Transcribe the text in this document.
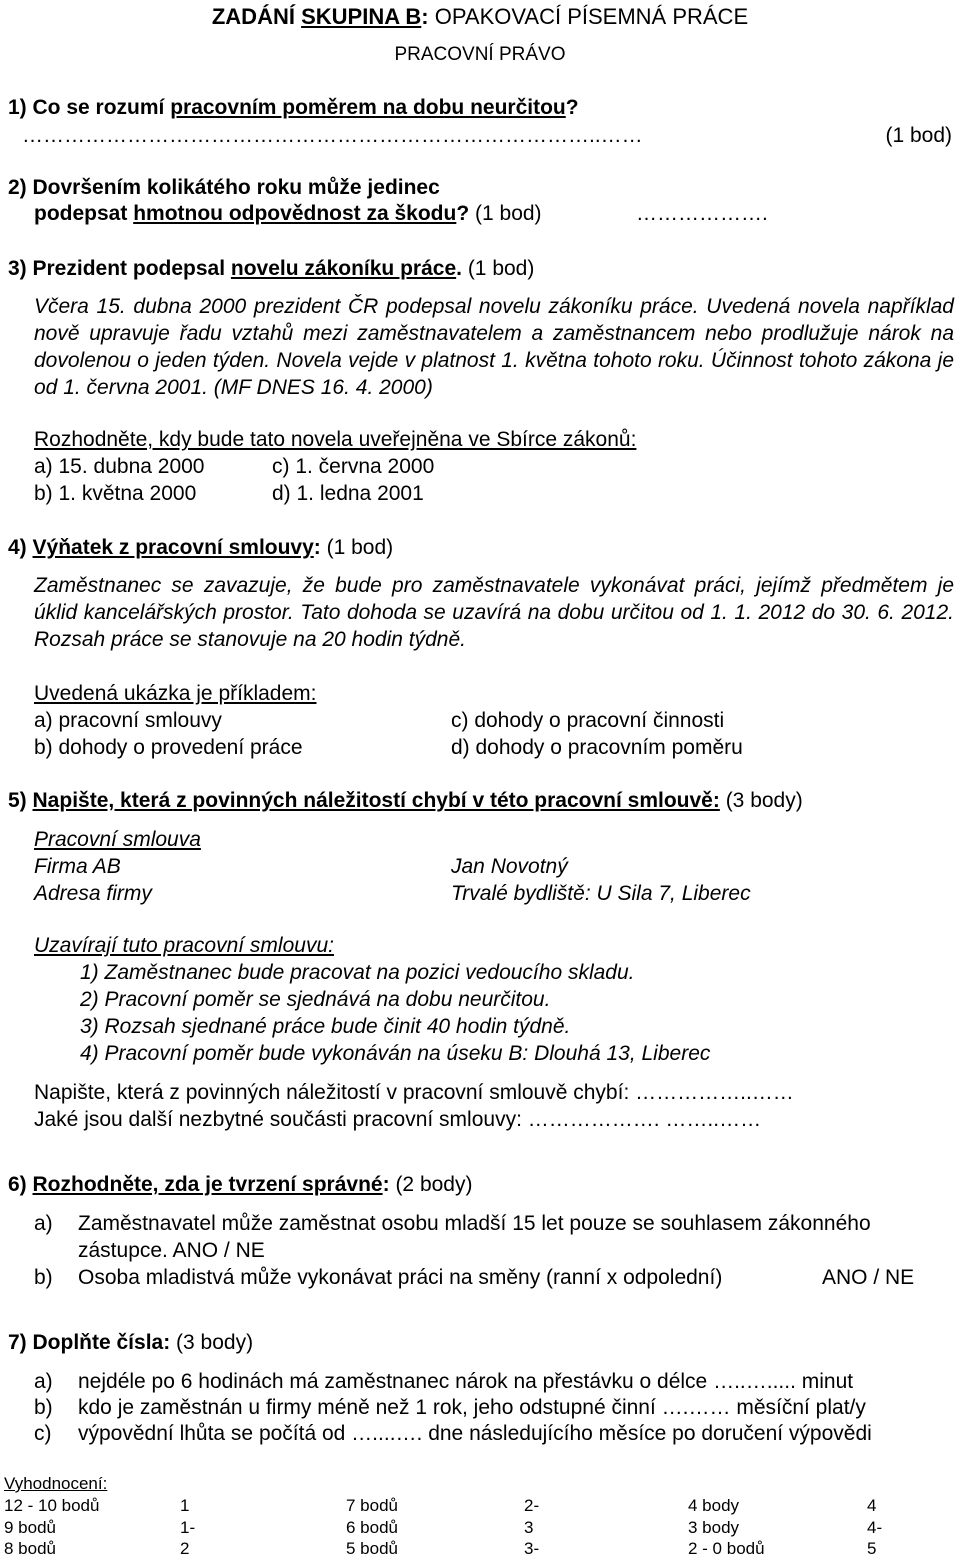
ZADÁNÍ SKUPINA B: OPAKOVACÍ PÍSEMNÁ PRÁCE
PRACOVNÍ PRÁVO
1) Co se rozumí pracovním poměrem na dobu neurčitou?
………………………………………………………………………..……	(1 bod)
2) Dovršením kolikátého roku může jedinec
podepsat hmotnou odpovědnost za škodu? (1 bod)	……………….
3) Prezident podepsal novelu zákoníku práce. (1 bod)
Včera 15. dubna 2000 prezident ČR podepsal novelu zákoníku práce. Uvedená novela například nově upravuje řadu vztahů mezi zaměstnavatelem a zaměstnancem nebo prodlužuje nárok na dovolenou o jeden týden. Novela vejde v platnost 1. května tohoto roku. Účinnost tohoto zákona je od 1. června 2001. (MF DNES 16. 4. 2000)
Rozhodněte, kdy bude tato novela uveřejněna ve Sbírce zákonů:
a) 15. dubna 2000	c) 1. června 2000
b) 1. května 2000	d) 1. ledna 2001
4) Výňatek z pracovní smlouvy: (1 bod)
Zaměstnanec se zavazuje, že bude pro zaměstnavatele vykonávat práci, jejímž předmětem je úklid kancelářských prostor. Tato dohoda se uzavírá na dobu určitou od 1. 1. 2012 do 30. 6. 2012. Rozsah práce se stanovuje na 20 hodin týdně.
Uvedená ukázka je příkladem:
a) pracovní smlouvy	c) dohody o pracovní činnosti
b) dohody o provedení práce	d) dohody o pracovním poměru
5) Napište, která z povinných náležitostí chybí v této pracovní smlouvě: (3 body)
Pracovní smlouva
Firma AB	Jan Novotný
Adresa firmy	Trvalé bydliště: U Sila 7, Liberec
Uzavírají tuto pracovní smlouvu:
1) Zaměstnanec bude pracovat na pozici vedoucího skladu.
2) Pracovní poměr se sjednává na dobu neurčitou.
3) Rozsah sjednané práce bude činit 40 hodin týdně.
4) Pracovní poměr bude vykonáván na úseku B: Dlouhá 13, Liberec
Napište, která z povinných náležitostí v pracovní smlouvě chybí: ……………..……
Jaké jsou další nezbytné součásti pracovní smlouvy: ………………. ……..……
6) Rozhodněte, zda je tvrzení správné: (2 body)
a) Zaměstnavatel může zaměstnat osobu mladší 15 let pouze se souhlasem zákonného
zástupce. ANO / NE
b) Osoba mladistvá může vykonávat práci na směny (ranní x odpolední)	ANO / NE
7) Doplňte čísla: (3 body)
a) nejdéle po 6 hodinách má zaměstnanec nárok na přestávku o délce …..…..... minut
b) kdo je zaměstnán u firmy méně než 1 rok, jeho odstupné činní ….…… měsíční plat/y
c)	výpovědní lhůta se počítá od …....…. dne následujícího měsíce po doručení výpovědi
Vyhodnocení:
12 - 10 bodů	1	7 bodů	2-	4 body	4
9 bodů	1-	6 bodů	3	3 body	4-
8 bodů	2	5 bodů	3-	2 - 0 bodů	5
